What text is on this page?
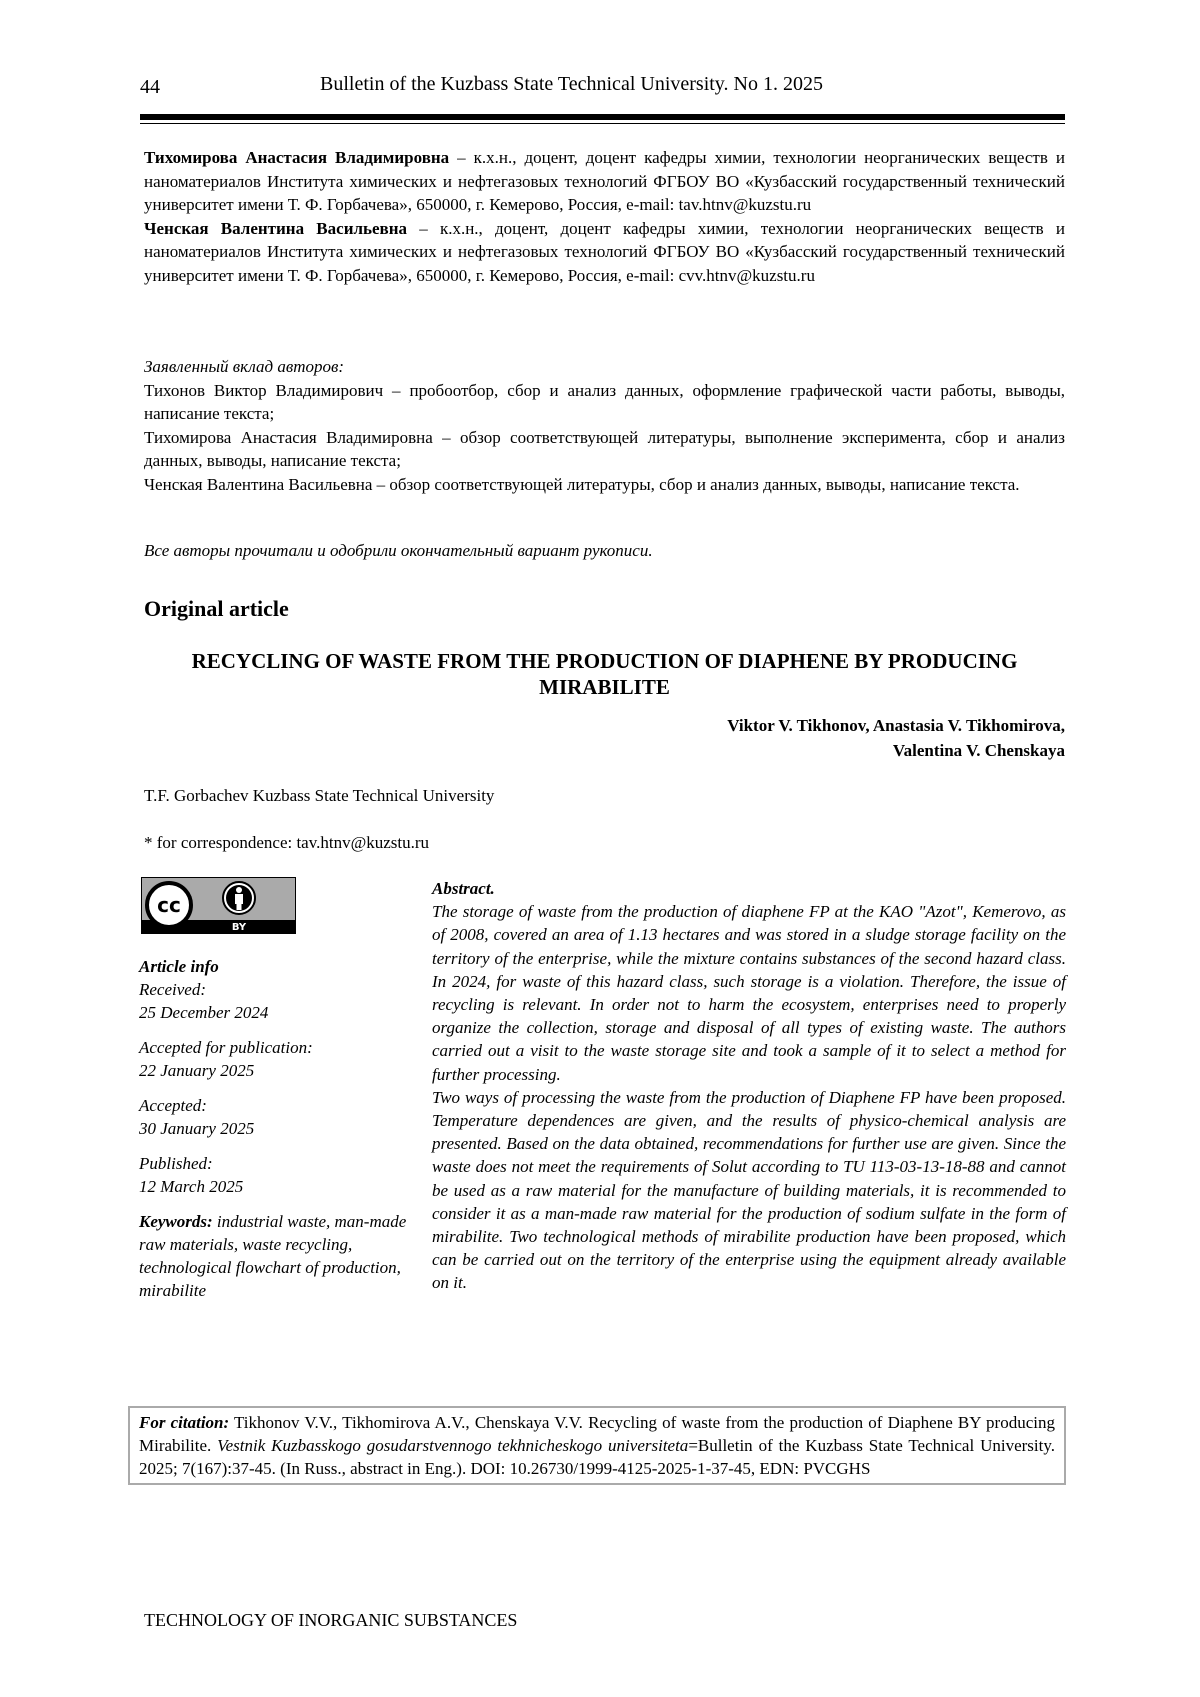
44	Bulletin of the Kuzbass State Technical University. No 1. 2025

Тихомирова Анастасия Владимировна – к.х.н., доцент, доцент кафедры химии, технологии неорганических веществ и наноматериалов Института химических и нефтегазовых технологий ФГБОУ ВО «Кузбасский государственный технический университет имени Т. Ф. Горбачева», 650000, г. Кемерово, Россия, e-mail: tav.htnv@kuzstu.ru

Ченская Валентина Васильевна – к.х.н., доцент, доцент кафедры химии, технологии неорганических веществ и наноматериалов Института химических и нефтегазовых технологий ФГБОУ ВО «Кузбасский государственный технический университет имени Т. Ф. Горбачева», 650000, г. Кемерово, Россия, e-mail: cvv.htnv@kuzstu.ru

Заявленный вклад авторов:

Тихонов Виктор Владимирович – пробоотбор, сбор и анализ данных, оформление графической части работы, выводы, написание текста;

Тихомирова Анастасия Владимировна – обзор соответствующей литературы, выполнение эксперимента, сбор и анализ данных, выводы, написание текста;

Ченская Валентина Васильевна – обзор соответствующей литературы, сбор и анализ данных, выводы, написание текста.

Все авторы прочитали и одобрили окончательный вариант рукописи.
Original article
RECYCLING OF WASTE FROM THE PRODUCTION OF DIAPHENE BY PRODUCING MIRABILITE
Viktor V. Tikhonov, Anastasia V. Tikhomirova,
Valentina V. Chenskaya
T.F. Gorbachev Kuzbass State Technical University
* for correspondence: tav.htnv@kuzstu.ru
cc
BY

Article info
Received:
25 December 2024

Accepted for publication:
22 January 2025

Accepted:
30 January 2025

Published:
12 March 2025

Keywords: industrial waste, man-made raw materials, waste recycling, technological flowchart of production, mirabilite

Abstract.

The storage of waste from the production of diaphene FP at the KAO "Azot", Kemerovo, as of 2008, covered an area of 1.13 hectares and was stored in a sludge storage facility on the territory of the enterprise, while the mixture contains substances of the second hazard class. In 2024, for waste of this hazard class, such storage is a violation. Therefore, the issue of recycling is relevant. In order not to harm the ecosystem, enterprises need to properly organize the collection, storage and disposal of all types of existing waste. The authors carried out a visit to the waste storage site and took a sample of it to select a method for further processing.

Two ways of processing the waste from the production of Diaphene FP have been proposed. Temperature dependences are given, and the results of physico-chemical analysis are presented. Based on the data obtained, recommendations for further use are given. Since the waste does not meet the requirements of Solut according to TU 113-03-13-18-88 and cannot be used as a raw material for the manufacture of building materials, it is recommended to consider it as a man-made raw material for the production of sodium sulfate in the form of mirabilite. Two technological methods of mirabilite production have been proposed, which can be carried out on the territory of the enterprise using the equipment already available on it.

For citation: Tikhonov V.V., Tikhomirova A.V., Chenskaya V.V. Recycling of waste from the production of Diaphene BY producing Mirabilite. Vestnik Kuzbasskogo gosudarstvennogo tekhnicheskogo universiteta=Bulletin of the Kuzbass State Technical University. 2025; 7(167):37-45. (In Russ., abstract in Eng.). DOI: 10.26730/1999-4125-2025-1-37-45, EDN: PVCGHS
TECHNOLOGY OF INORGANIC SUBSTANCES
